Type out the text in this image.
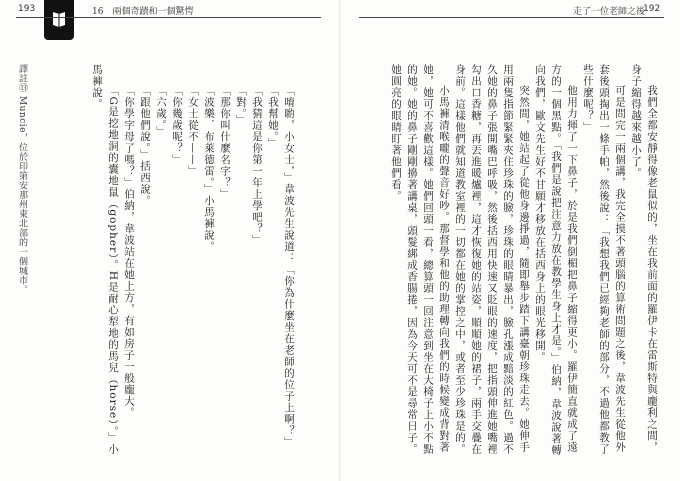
193	16　兩個奇蹟和一個驚愕

「唷喲，小女士，」韋波先生說道：「你為什麼坐在老師的位子上啊？」

「我幫她。」

「我猜這是你第一年上學吧？」

「對。」

「那你叫什麼名字？」

「波樂．布萊德雷。」小馬褲說。

「女士從不——」

「你幾歲呢？」

「六歲。」

「跟他們說。」括西說。

「你學字母了嗎？」伯納，韋波站在她上方，有如房子一般龐大。

「G是挖地洞的囊地鼠（gopher）。H是耐心犁地的馬兒（horse）。」小馬褲說。

譯註⑬ Muncie，位於印第安那州東北部的一個城市。
走了一位老師之後
192

我們全都安靜得像老鼠似的，坐在我前面的羅伊卡在雷斯特與龐利之間，身子縮得越來越小了。

可是問完一兩個講，我完全摸不著頭腦的算術問題之後，韋波先生從他外套後頭掏出一條手帕，然後說：「我想我們已經夠老師的部分，不過他都教了些什麼呢？」

他用力揮了一下鼻子，於是我們倒楣把鼻子縮得更小。羅伊簡直就成了遠方的一個黑點。「我們是說把注意力放在教學生身上才是。」伯納，韋波說著轉向我們，歐文先生好不甘願才移放在括西身上的眼光移開。

突然間，她站起了從他身邊掙過，隨即舉步踏下講臺朝珍珠走去。她伸手用兩隻指節緊緊夾住珍珠的臉，珍珠的眼睛暴出，臉孔漲成黯淡的紅色。過不久她的鼻子張開嘴巴呼吸，然後括西用快速又貶眼的速度，把指頭伸進她嘴裡勾出口香糖，再丟進暖爐裡，這才恢復她的站姿，順順她的裙子，兩手交疊在身前。這樣他們就知道教室裡的一切都在她的掌控之中，或者至少珍珠是的。

小馬褲清喉嚨的聲音好吵。那督學和他的助理轉向我們的時候變成背對著她，她可不喜歡這樣。她們回頭一看，總算頭一回注意到坐在大椅子上小不點的她。她的鼻子剛剛擤著講桌，頭髮綁成香腸捲，因為今天可不是尋常日子。她圓亮的眼睛盯著他們看。
